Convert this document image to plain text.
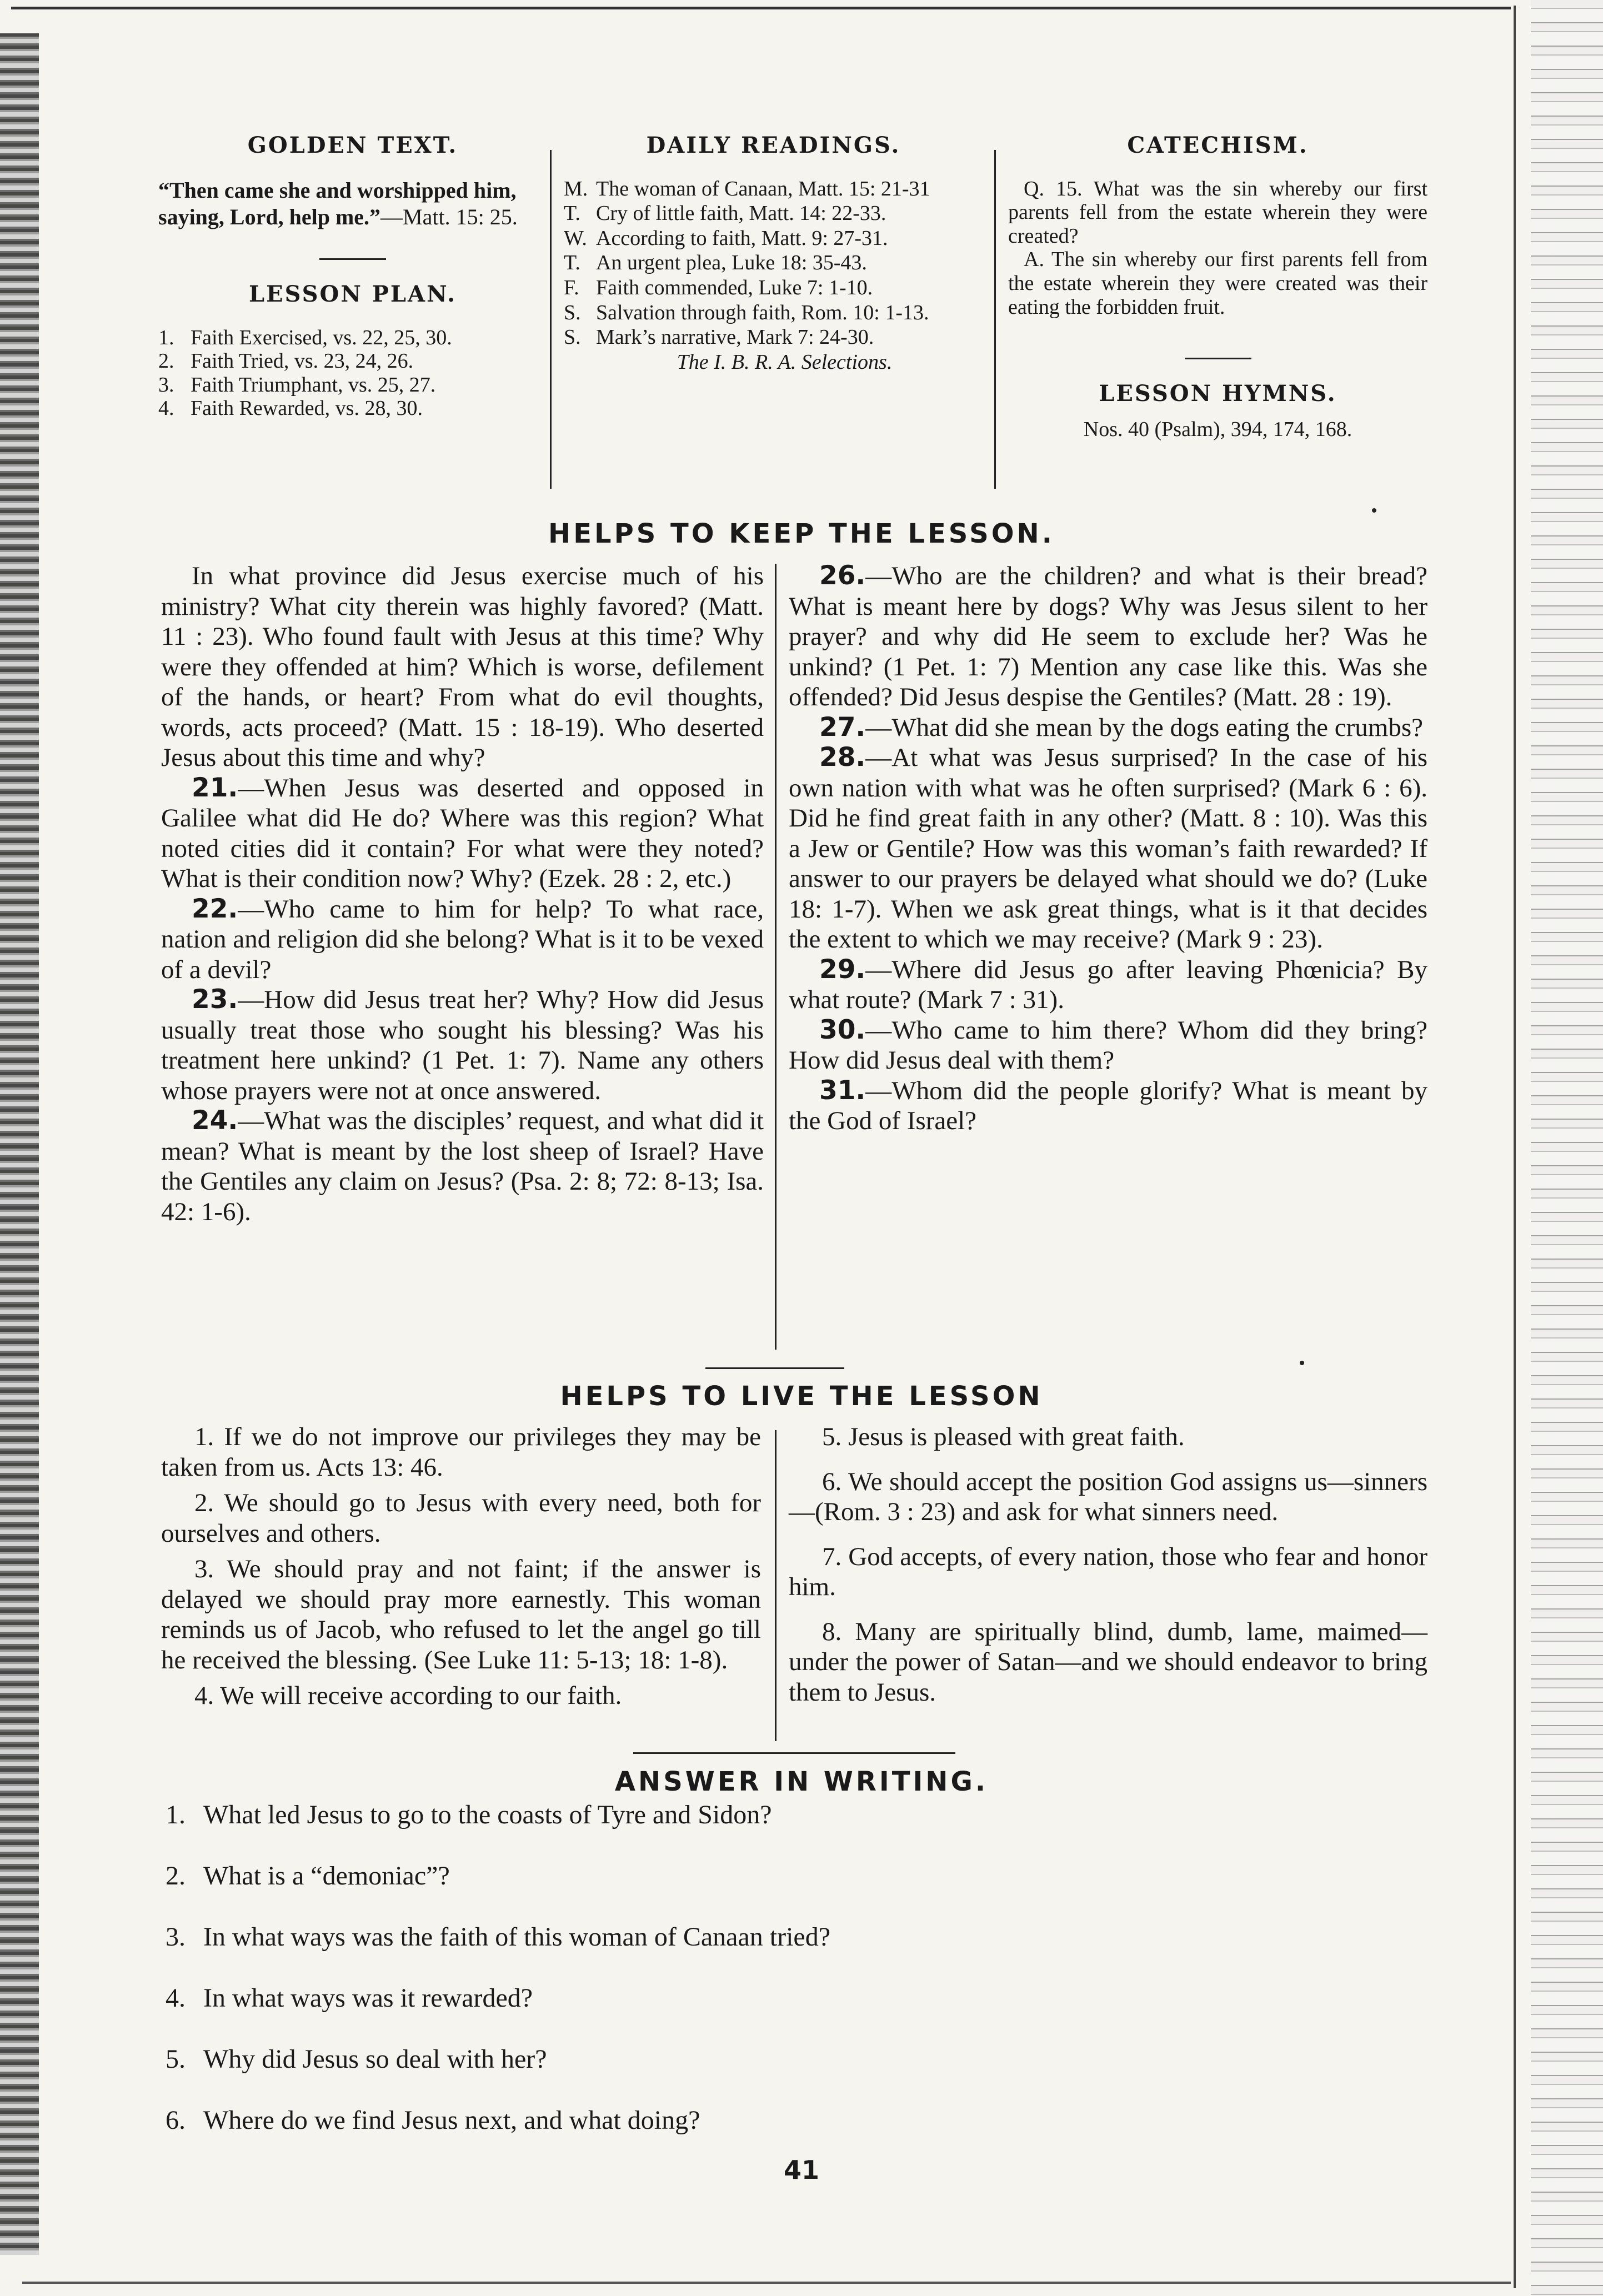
GOLDEN TEXT.
“Then came she and worshipped him, saying, Lord, help me.”—Matt. 15: 25.
LESSON PLAN.
1. Faith Exercised, vs. 22, 25, 30.
2. Faith Tried, vs. 23, 24, 26.
3. Faith Triumphant, vs. 25, 27.
4. Faith Rewarded, vs. 28, 30.
DAILY READINGS.
M. The woman of Canaan, Matt. 15: 21-31
T. Cry of little faith, Matt. 14: 22-33.
W. According to faith, Matt. 9: 27-31.
T. An urgent plea, Luke 18: 35-43.
F. Faith commended, Luke 7: 1-10.
S. Salvation through faith, Rom. 10: 1-13.
S. Mark’s narrative, Mark 7: 24-30.
The I. B. R. A. Selections.
CATECHISM.

Q. 15. What was the sin whereby our first parents fell from the estate wherein they were created?

A. The sin whereby our first parents fell from the estate wherein they were created was their eating the forbidden fruit.

LESSON HYMNS.
Nos. 40 (Psalm), 394, 174, 168.
HELPS TO KEEP THE LESSON.

In what province did Jesus exercise much of his ministry? What city therein was highly favored? (Matt. 11 : 23). Who found fault with Jesus at this time? Why were they offended at him? Which is worse, defilement of the hands, or heart? From what do evil thoughts, words, acts proceed? (Matt. 15 : 18-19). Who deserted Jesus about this time and why?

21.—When Jesus was deserted and opposed in Galilee what did He do? Where was this region? What noted cities did it contain? For what were they noted? What is their condition now? Why? (Ezek. 28 : 2, etc.)

22.—Who came to him for help? To what race, nation and religion did she belong? What is it to be vexed of a devil?

23.—How did Jesus treat her? Why? How did Jesus usually treat those who sought his blessing? Was his treatment here unkind? (1 Pet. 1: 7). Name any others whose prayers were not at once answered.

24.—What was the disciples’ request, and what did it mean? What is meant by the lost sheep of Israel? Have the Gentiles any claim on Jesus? (Psa. 2: 8; 72: 8-13; Isa. 42: 1-6).

26.—Who are the children? and what is their bread? What is meant here by dogs? Why was Jesus silent to her prayer? and why did He seem to exclude her? Was he unkind? (1 Pet. 1: 7) Mention any case like this. Was she offended? Did Jesus despise the Gentiles? (Matt. 28 : 19).

27.—What did she mean by the dogs eating the crumbs?

28.—At what was Jesus surprised? In the case of his own nation with what was he often surprised? (Mark 6 : 6). Did he find great faith in any other? (Matt. 8 : 10). Was this a Jew or Gentile? How was this woman’s faith rewarded? If answer to our prayers be delayed what should we do? (Luke 18: 1-7). When we ask great things, what is it that decides the extent to which we may receive? (Mark 9 : 23).

29.—Where did Jesus go after leaving Phœnicia? By what route? (Mark 7 : 31).

30.—Who came to him there? Whom did they bring? How did Jesus deal with them?

31.—Whom did the people glorify? What is meant by the God of Israel?

HELPS TO LIVE THE LESSON

1. If we do not improve our privileges they may be taken from us. Acts 13: 46.

2. We should go to Jesus with every need, both for ourselves and others.

3. We should pray and not faint; if the answer is delayed we should pray more earnestly. This woman reminds us of Jacob, who refused to let the angel go till he received the blessing. (See Luke 11: 5-13; 18: 1-8).

4. We will receive according to our faith.

5. Jesus is pleased with great faith.

6. We should accept the position God assigns us—sinners—(Rom. 3 : 23) and ask for what sinners need.

7. God accepts, of every nation, those who fear and honor him.

8. Many are spiritually blind, dumb, lame, maimed—under the power of Satan—and we should endeavor to bring them to Jesus.

ANSWER IN WRITING.
1. What led Jesus to go to the coasts of Tyre and Sidon?
2. What is a “demoniac”?
3. In what ways was the faith of this woman of Canaan tried?
4. In what ways was it rewarded?
5. Why did Jesus so deal with her?
6. Where do we find Jesus next, and what doing?
41
